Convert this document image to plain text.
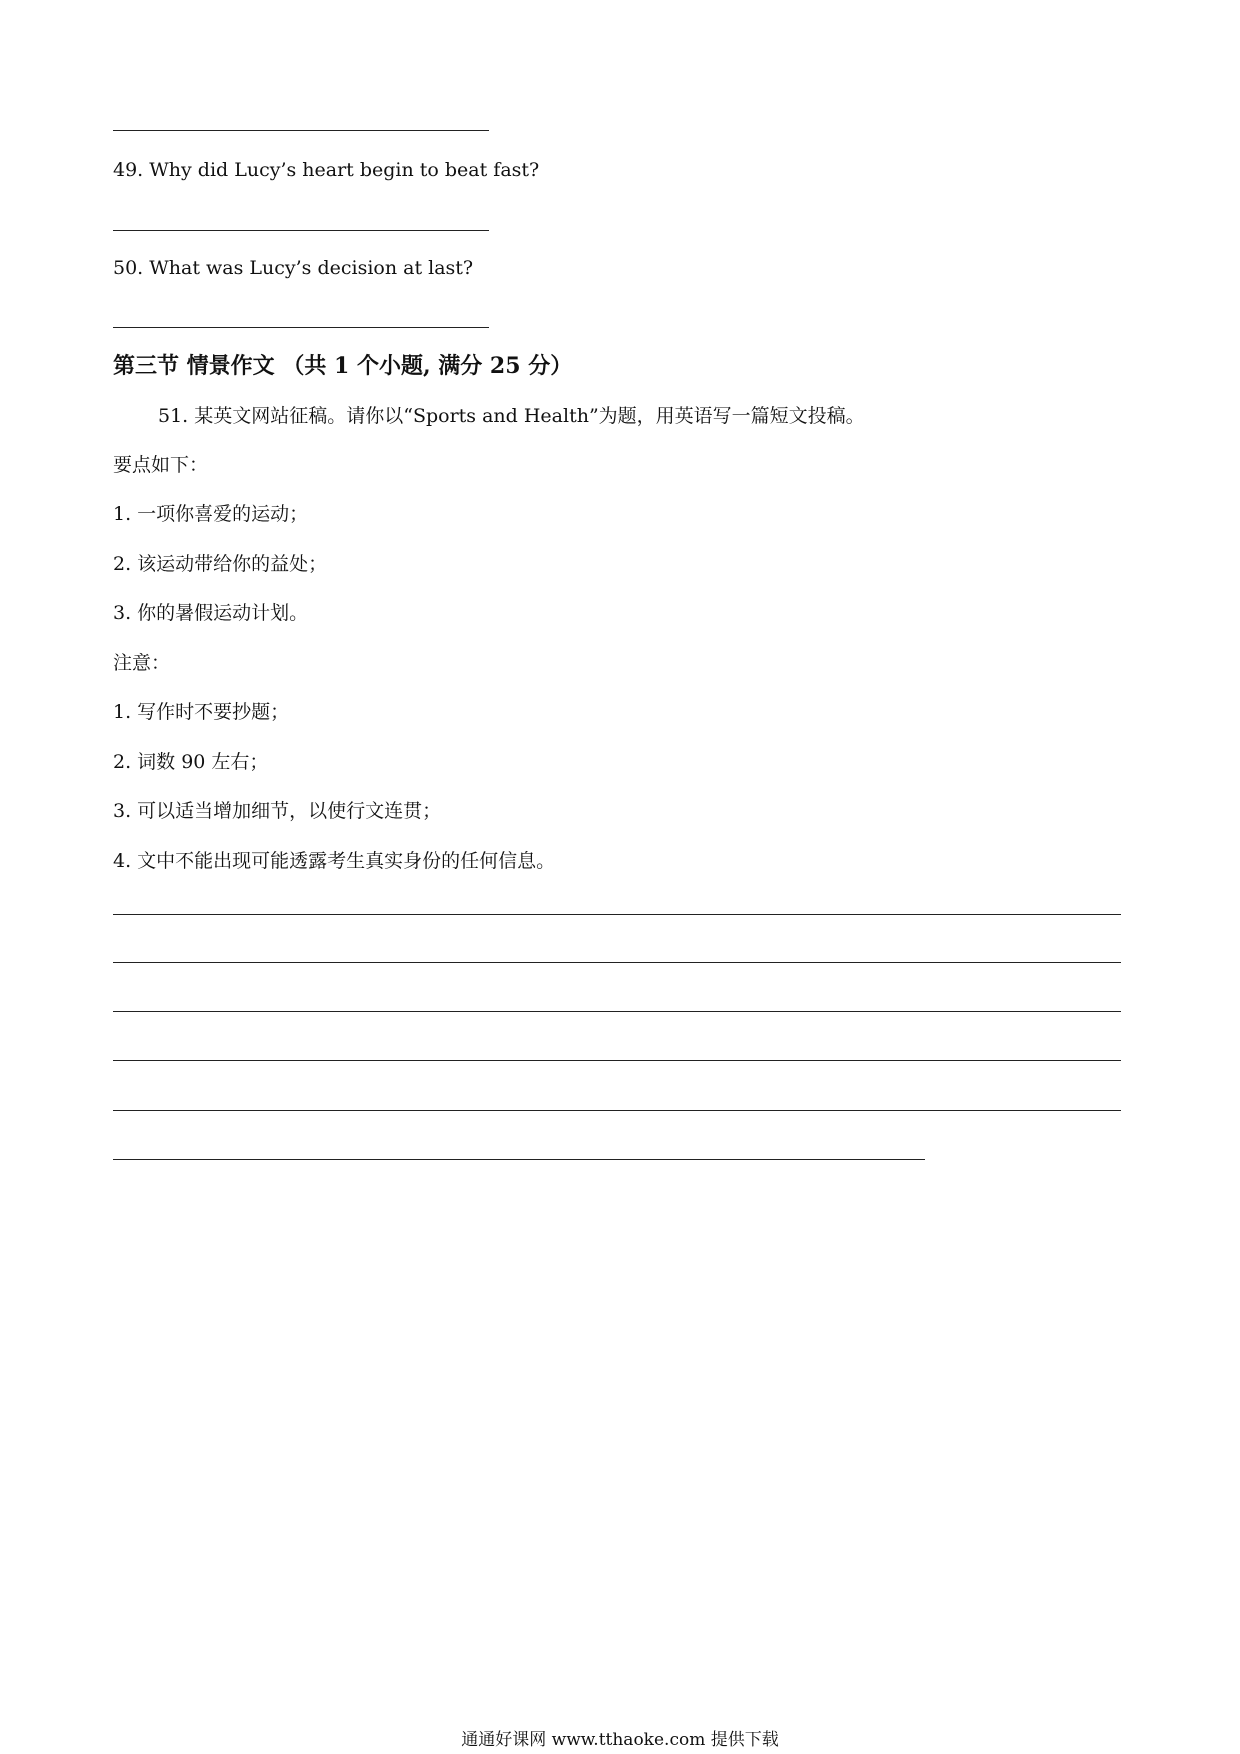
49. Why did Lucy’s heart begin to beat fast?
50. What was Lucy’s decision at last?
第三节 情景作文 （共 1 个小题, 满分 25 分）
51. 某英文网站征稿。请你以“Sports and Health”为题，用英语写一篇短文投稿。
要点如下：
1. 一项你喜爱的运动；
2. 该运动带给你的益处；
3. 你的暑假运动计划。
注意：
1. 写作时不要抄题；
2. 词数 90 左右；
3. 可以适当增加细节，以使行文连贯；
4. 文中不能出现可能透露考生真实身份的任何信息。
通通好课网 www.tthaoke.com 提供下载
